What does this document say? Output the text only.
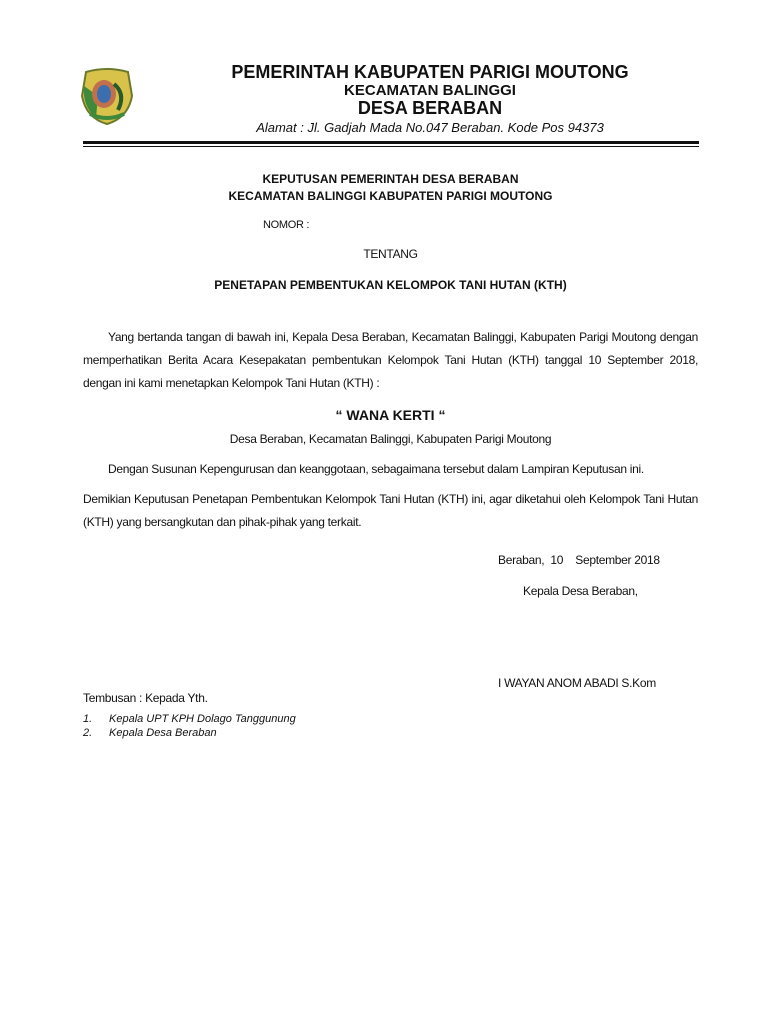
PEMERINTAH KABUPATEN PARIGI MOUTONG
KECAMATAN BALINGGI
DESA BERABAN
Alamat : Jl. Gadjah Mada No.047 Beraban. Kode Pos 94373
KEPUTUSAN PEMERINTAH DESA BERABAN
KECAMATAN BALINGGI KABUPATEN PARIGI MOUTONG
NOMOR :
TENTANG
PENETAPAN PEMBENTUKAN KELOMPOK TANI HUTAN (KTH)
Yang bertanda tangan di bawah ini, Kepala Desa Beraban, Kecamatan Balinggi, Kabupaten Parigi Moutong dengan memperhatikan Berita Acara Kesepakatan pembentukan Kelompok Tani Hutan (KTH) tanggal 10 September 2018, dengan ini kami menetapkan Kelompok Tani Hutan (KTH) :
“ WANA KERTI “
Desa Beraban, Kecamatan Balinggi, Kabupaten Parigi Moutong
Dengan Susunan Kepengurusan dan keanggotaan, sebagaimana tersebut dalam Lampiran Keputusan ini.
Demikian Keputusan Penetapan Pembentukan Kelompok Tani Hutan (KTH) ini, agar diketahui oleh Kelompok Tani Hutan (KTH) yang bersangkutan dan pihak-pihak yang terkait.
Beraban,  10    September 2018
Kepala Desa Beraban,
I WAYAN ANOM ABADI S.Kom
Tembusan : Kepada Yth.
1. Kepala UPT KPH Dolago Tanggunung
2. Kepala Desa Beraban
